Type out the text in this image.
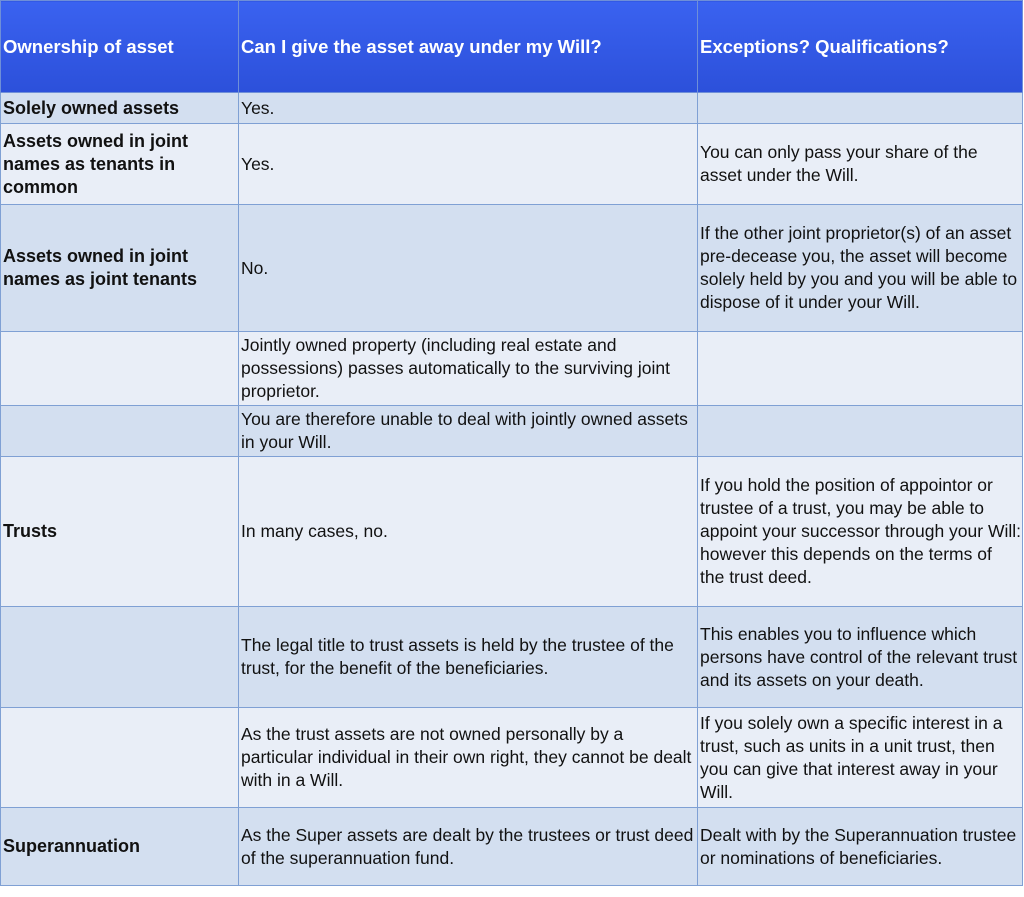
Ownership of asset	Can I give the asset away under my Will?	Exceptions? Qualifications?
Solely owned assets	Yes.	
Assets owned in joint names as tenants in common	Yes.	You can only pass your share of the asset under the Will.
Assets owned in joint names as joint tenants	No.	If the other joint proprietor(s) of an asset pre-decease you, the asset will become solely held by you and you will be able to dispose of it under your Will.
	Jointly owned property (including real estate and possessions) passes automatically to the surviving joint proprietor.	
	You are therefore unable to deal with jointly owned assets in your Will.	
Trusts	In many cases, no.	If you hold the position of appointor or trustee of a trust, you may be able to appoint your successor through your Will: however this depends on the terms of the trust deed.
	The legal title to trust assets is held by the trustee of the trust, for the benefit of the beneficiaries.	This enables you to influence which persons have control of the relevant trust and its assets on your death.
	As the trust assets are not owned personally by a particular individual in their own right, they cannot be dealt with in a Will.	If you solely own a specific interest in a trust, such as units in a unit trust, then you can give that interest away in your Will.
Superannuation	As the Super assets are dealt by the trustees or trust deed of the superannuation fund.	Dealt with by the Superannuation trustee or nominations of beneficiaries.
